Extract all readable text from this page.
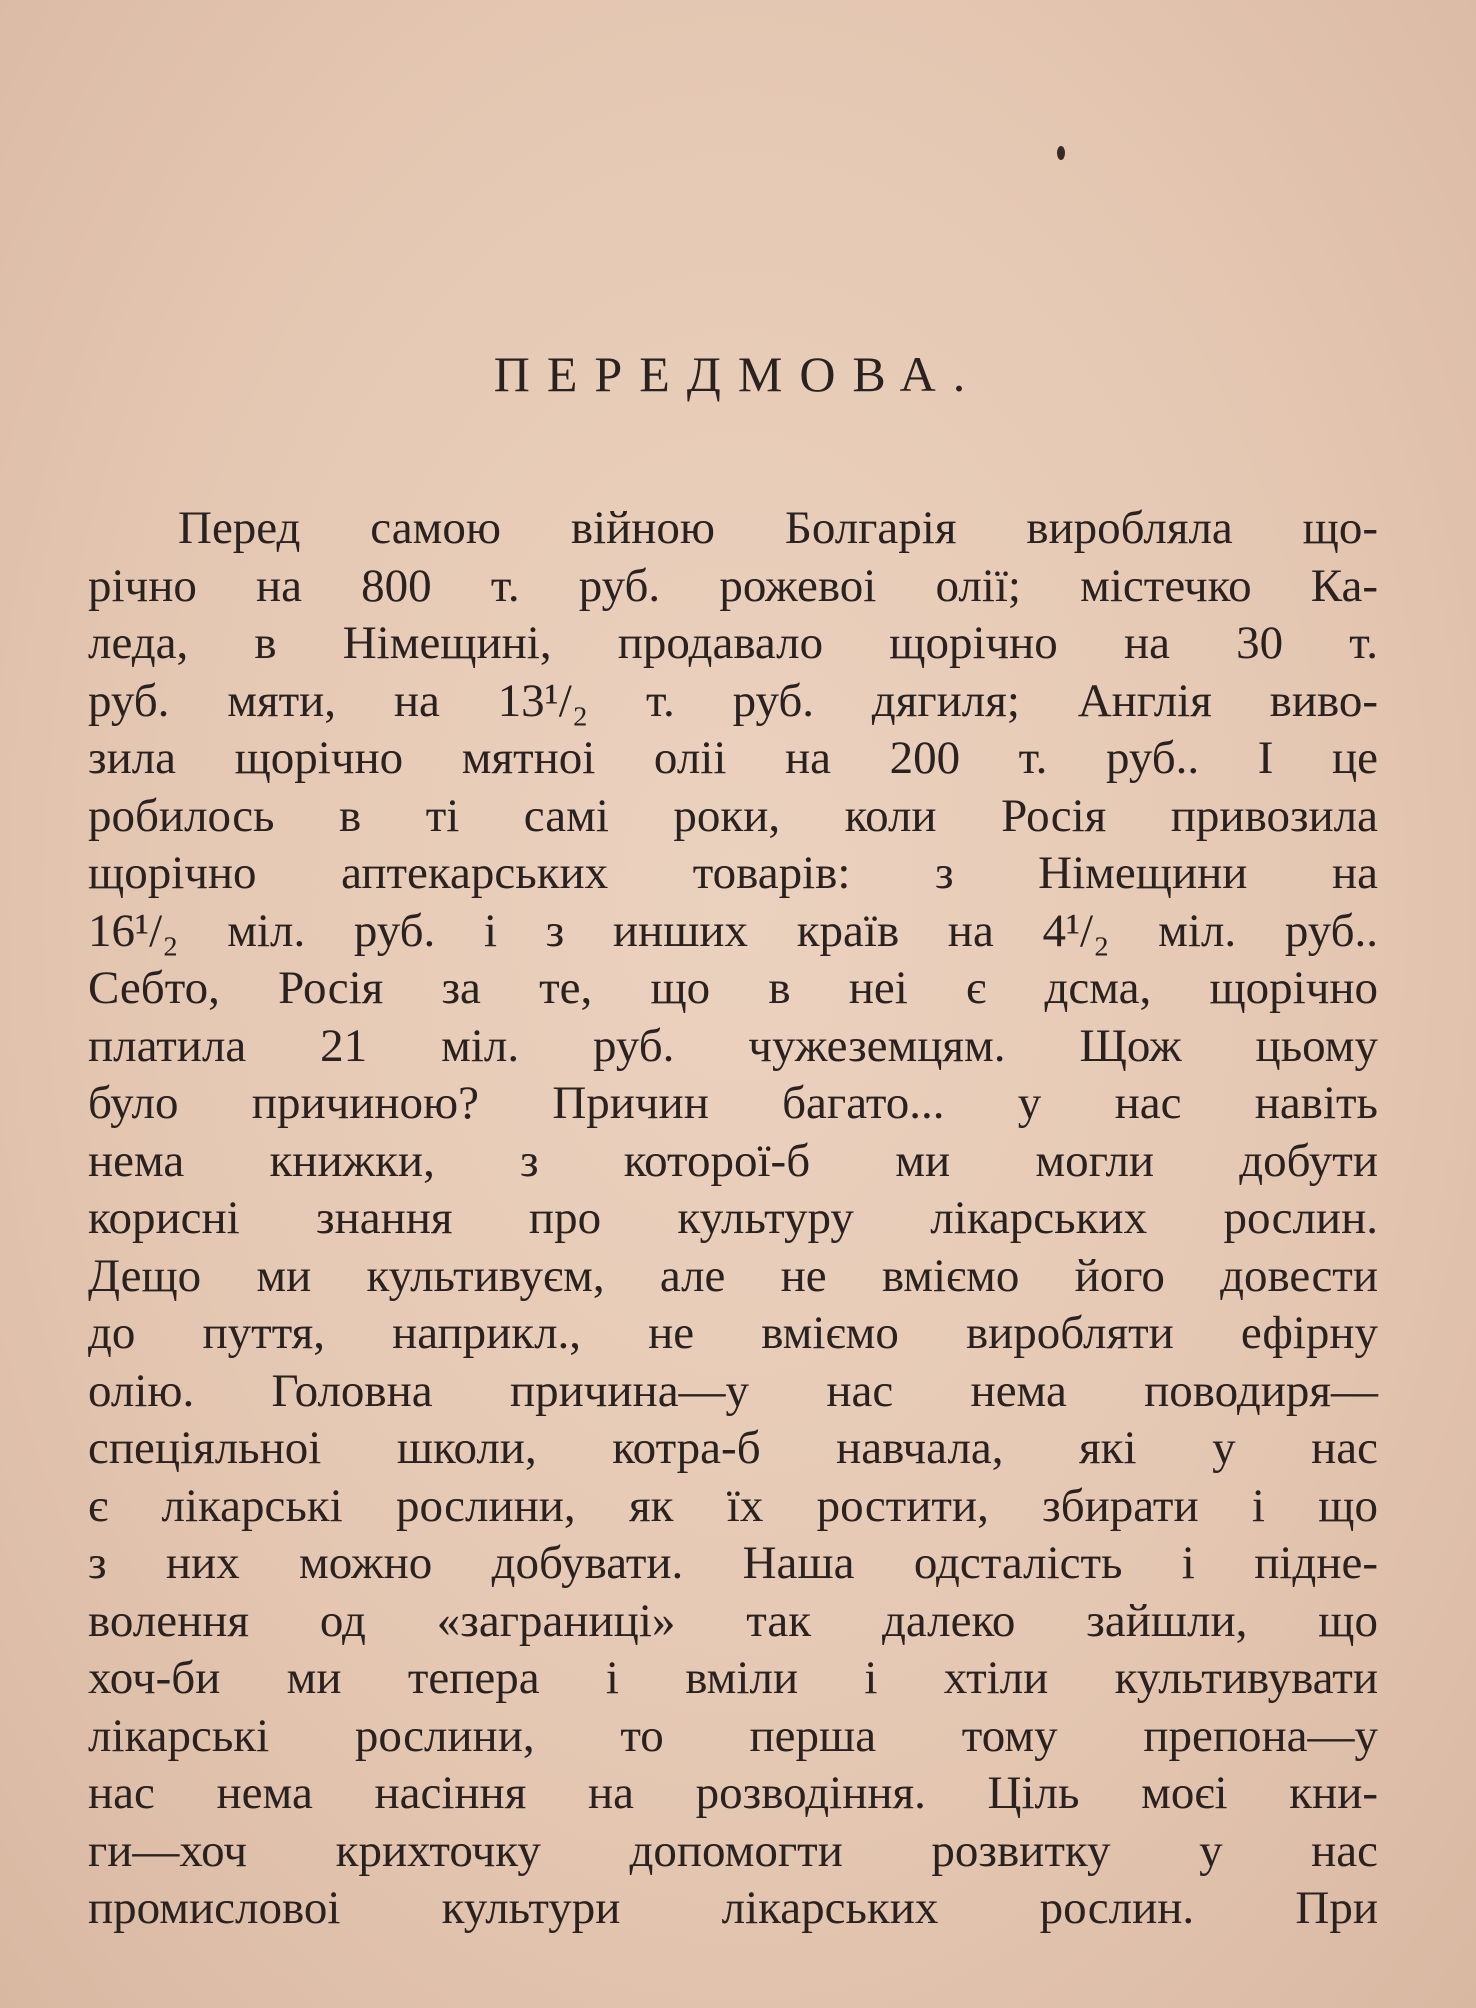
ПЕРЕДМОВА.
Перед самою війною Болгарія виробляла що-
річно на 800 т. руб. рожевоі олії; містечко Ка-
леда, в Німещині, продавало щорічно на 30 т.
руб. мяти, на 13¹/₂ т. руб. дягиля; Англія виво-
зила щорічно мятноі оліі на 200 т. руб.. І це
робилось в ті самі роки, коли Росія привозила
щорічно аптекарських товарів: з Німещини на
16¹/₂ міл. руб. і з инших країв на 4¹/₂ міл. руб..
Себто, Росія за те, що в неі є дсма, щорічно
платила 21 міл. руб. чужеземцям. Щож цьому
було причиною? Причин багато... у нас навіть
нема книжки, з которої-б ми могли добути
корисні знання про культуру лікарських рослин.
Дещо ми культивуєм, але не вміємо його довести
до пуття, наприкл., не вміємо виробляти ефірну
олію. Головна причина—у нас нема поводиря—
спеціяльноі школи, котра-б навчала, які у нас
є лікарські рослини, як їх ростити, збирати і що
з них можно добувати. Наша одсталість і підне-
волення од «заграниці» так далеко зайшли, що
хоч-би ми тепера і вміли і хтіли культивувати
лікарські рослини, то перша тому препона—у
нас нема насіння на розводіння. Ціль моєі кни-
ги—хоч крихточку допомогти розвитку у нас
промисловоі культури лікарських рослин. При
